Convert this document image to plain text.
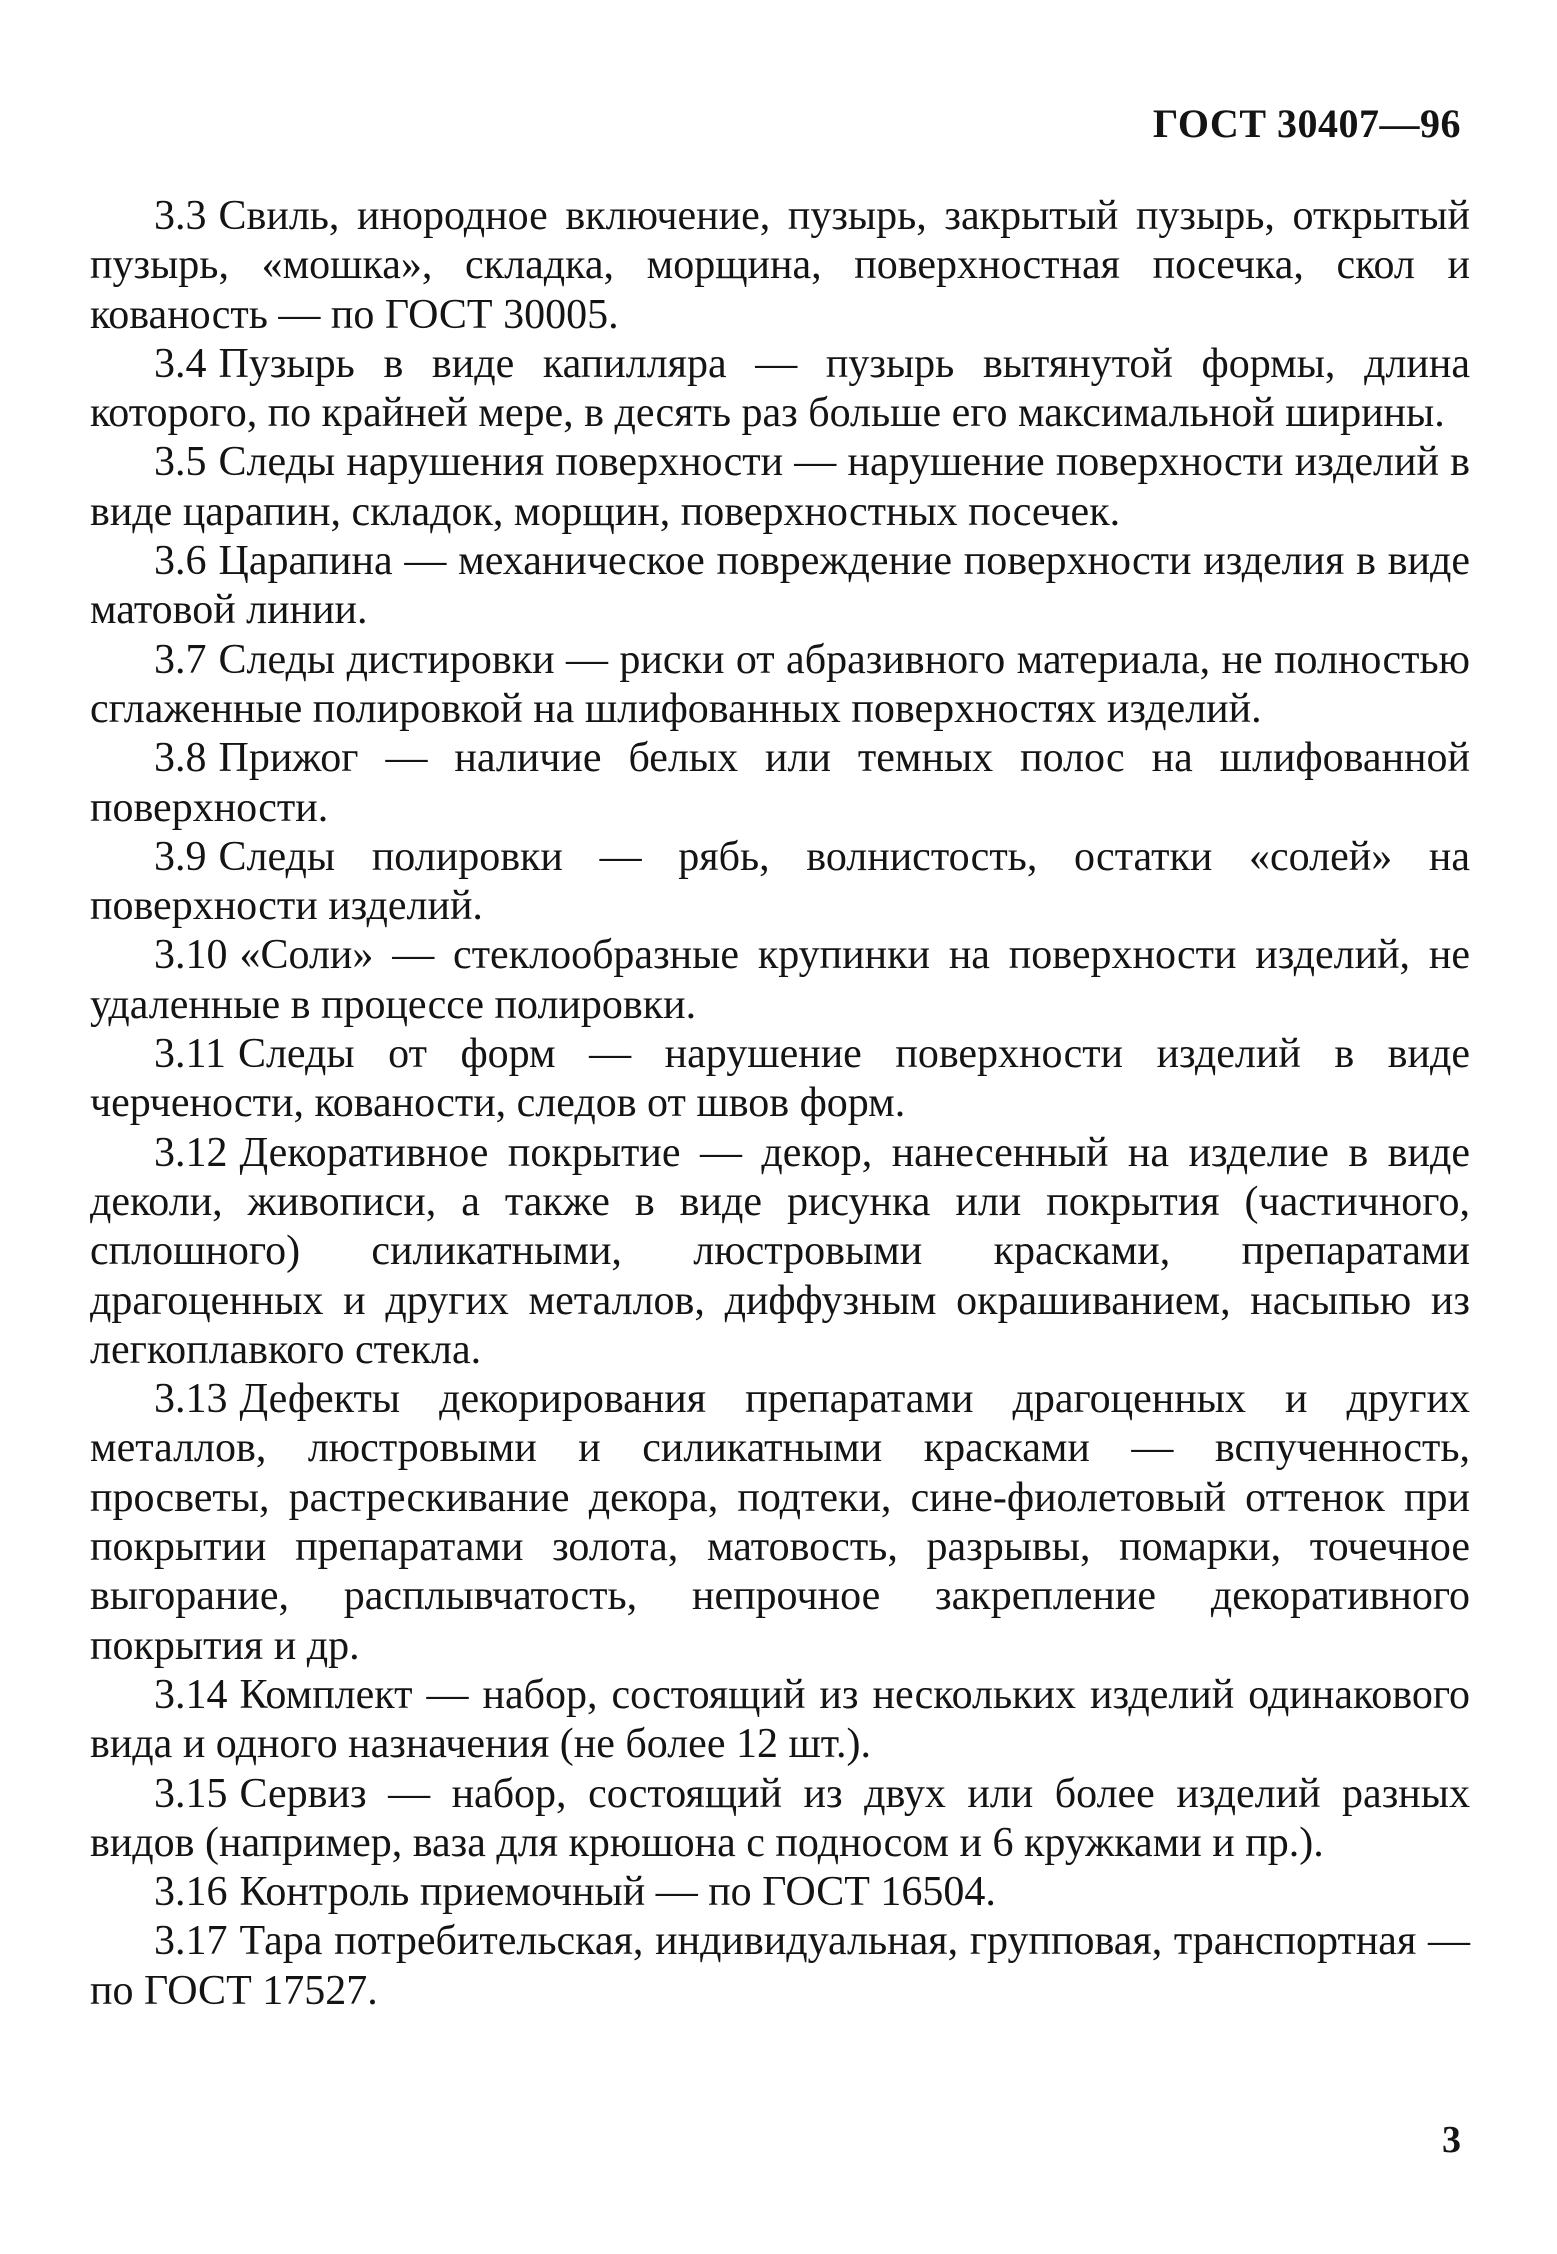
ГОСТ 30407—96

3.3 Свиль, инородное включение, пузырь, закрытый пузырь, открытый пузырь, «мошка», складка, морщина, поверхностная посечка, скол и кованость — по ГОСТ 30005.

3.4 Пузырь в виде капилляра — пузырь вытянутой формы, длина которого, по крайней мере, в десять раз больше его максимальной ширины.

3.5 Следы нарушения поверхности — нарушение поверхности изделий в виде царапин, складок, морщин, поверхностных посечек.

3.6 Царапина — механическое повреждение поверхности изделия в виде матовой линии.

3.7 Следы дистировки — риски от абразивного материала, не полностью сглаженные полировкой на шлифованных поверхностях изделий.

3.8 Прижог — наличие белых или темных полос на шлифованной поверхности.

3.9 Следы полировки — рябь, волнистость, остатки «солей» на поверхности изделий.

3.10 «Соли» — стеклообразные крупинки на поверхности изделий, не удаленные в процессе полировки.

3.11 Следы от форм — нарушение поверхности изделий в виде черчености, кованости, следов от швов форм.

3.12 Декоративное покрытие — декор, нанесенный на изделие в виде деколи, живописи, а также в виде рисунка или покрытия (частичного, сплошного) силикатными, люстровыми красками, препаратами драгоценных и других металлов, диффузным окрашиванием, насыпью из легкоплавкого стекла.

3.13 Дефекты декорирования препаратами драгоценных и других металлов, люстровыми и силикатными красками — вспученность, просветы, растрескивание декора, подтеки, сине-фиолетовый оттенок при покрытии препаратами золота, матовость, разрывы, помарки, точечное выгорание, расплывчатость, непрочное закрепление декоративного покрытия и др.

3.14 Комплект — набор, состоящий из нескольких изделий одинакового вида и одного назначения (не более 12 шт.).

3.15 Сервиз — набор, состоящий из двух или более изделий разных видов (например, ваза для крюшона с подносом и 6 кружками и пр.).

3.16 Контроль приемочный — по ГОСТ 16504.

3.17 Тара потребительская, индивидуальная, групповая, транспортная — по ГОСТ 17527.

3
